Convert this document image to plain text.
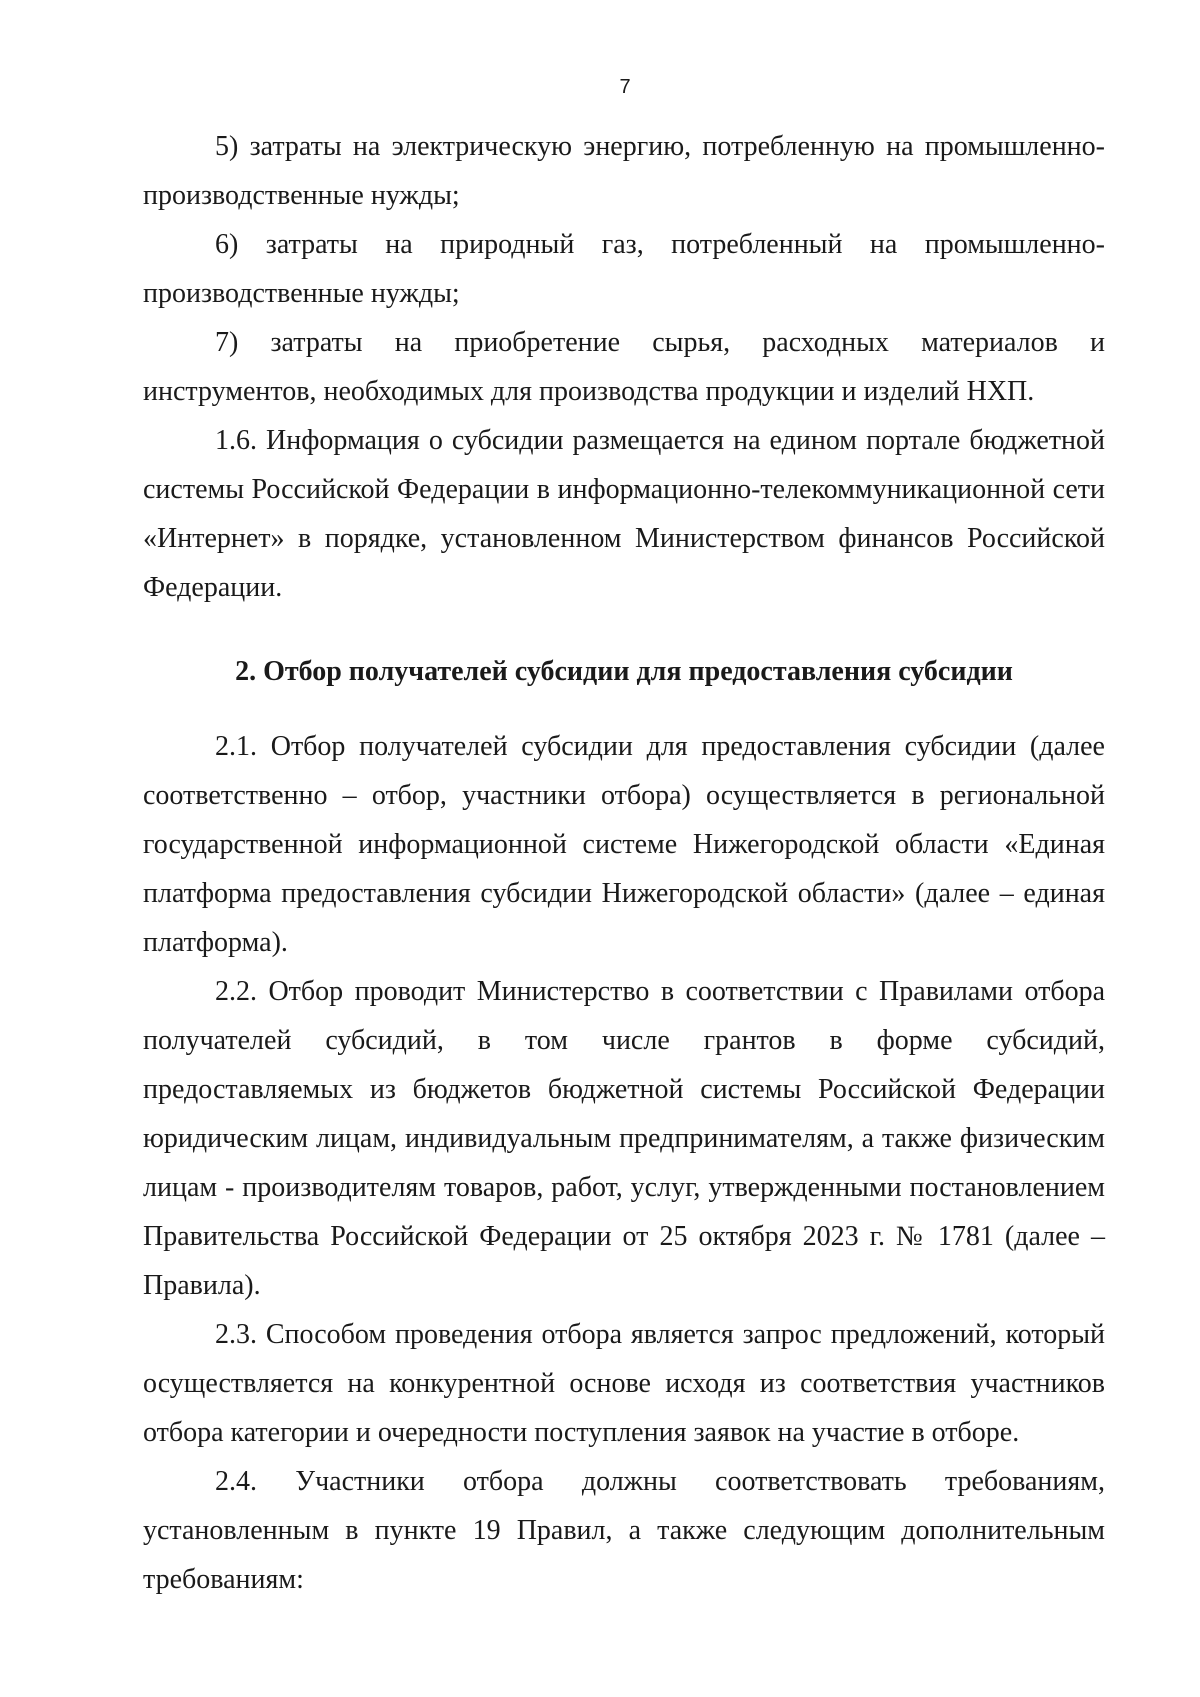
7

5) затраты на электрическую энергию, потребленную на промышленно-производственные нужды;

6) затраты на природный газ, потребленный на промышленно-производственные нужды;

7) затраты на приобретение сырья, расходных материалов и инструментов, необходимых для производства продукции и изделий НХП.

1.6. Информация о субсидии размещается на едином портале бюджетной системы Российской Федерации в информационно-телекоммуникационной сети «Интернет» в порядке, установленном Министерством финансов Российской Федерации.

2. Отбор получателей субсидии для предоставления субсидии

2.1. Отбор получателей субсидии для предоставления субсидии (далее соответственно – отбор, участники отбора) осуществляется в региональной государственной информационной системе Нижегородской области «Единая платформа предоставления субсидии Нижегородской области» (далее – единая платформа).

2.2. Отбор проводит Министерство в соответствии с Правилами отбора получателей субсидий, в том числе грантов в форме субсидий, предоставляемых из бюджетов бюджетной системы Российской Федерации юридическим лицам, индивидуальным предпринимателям, а также физическим лицам - производителям товаров, работ, услуг, утвержденными постановлением Правительства Российской Федерации от 25 октября 2023 г. № 1781 (далее – Правила).

2.3. Способом проведения отбора является запрос предложений, который осуществляется на конкурентной основе исходя из соответствия участников отбора категории и очередности поступления заявок на участие в отборе.

2.4. Участники отбора должны соответствовать требованиям, установленным в пункте 19 Правил, а также следующим дополнительным требованиям:
